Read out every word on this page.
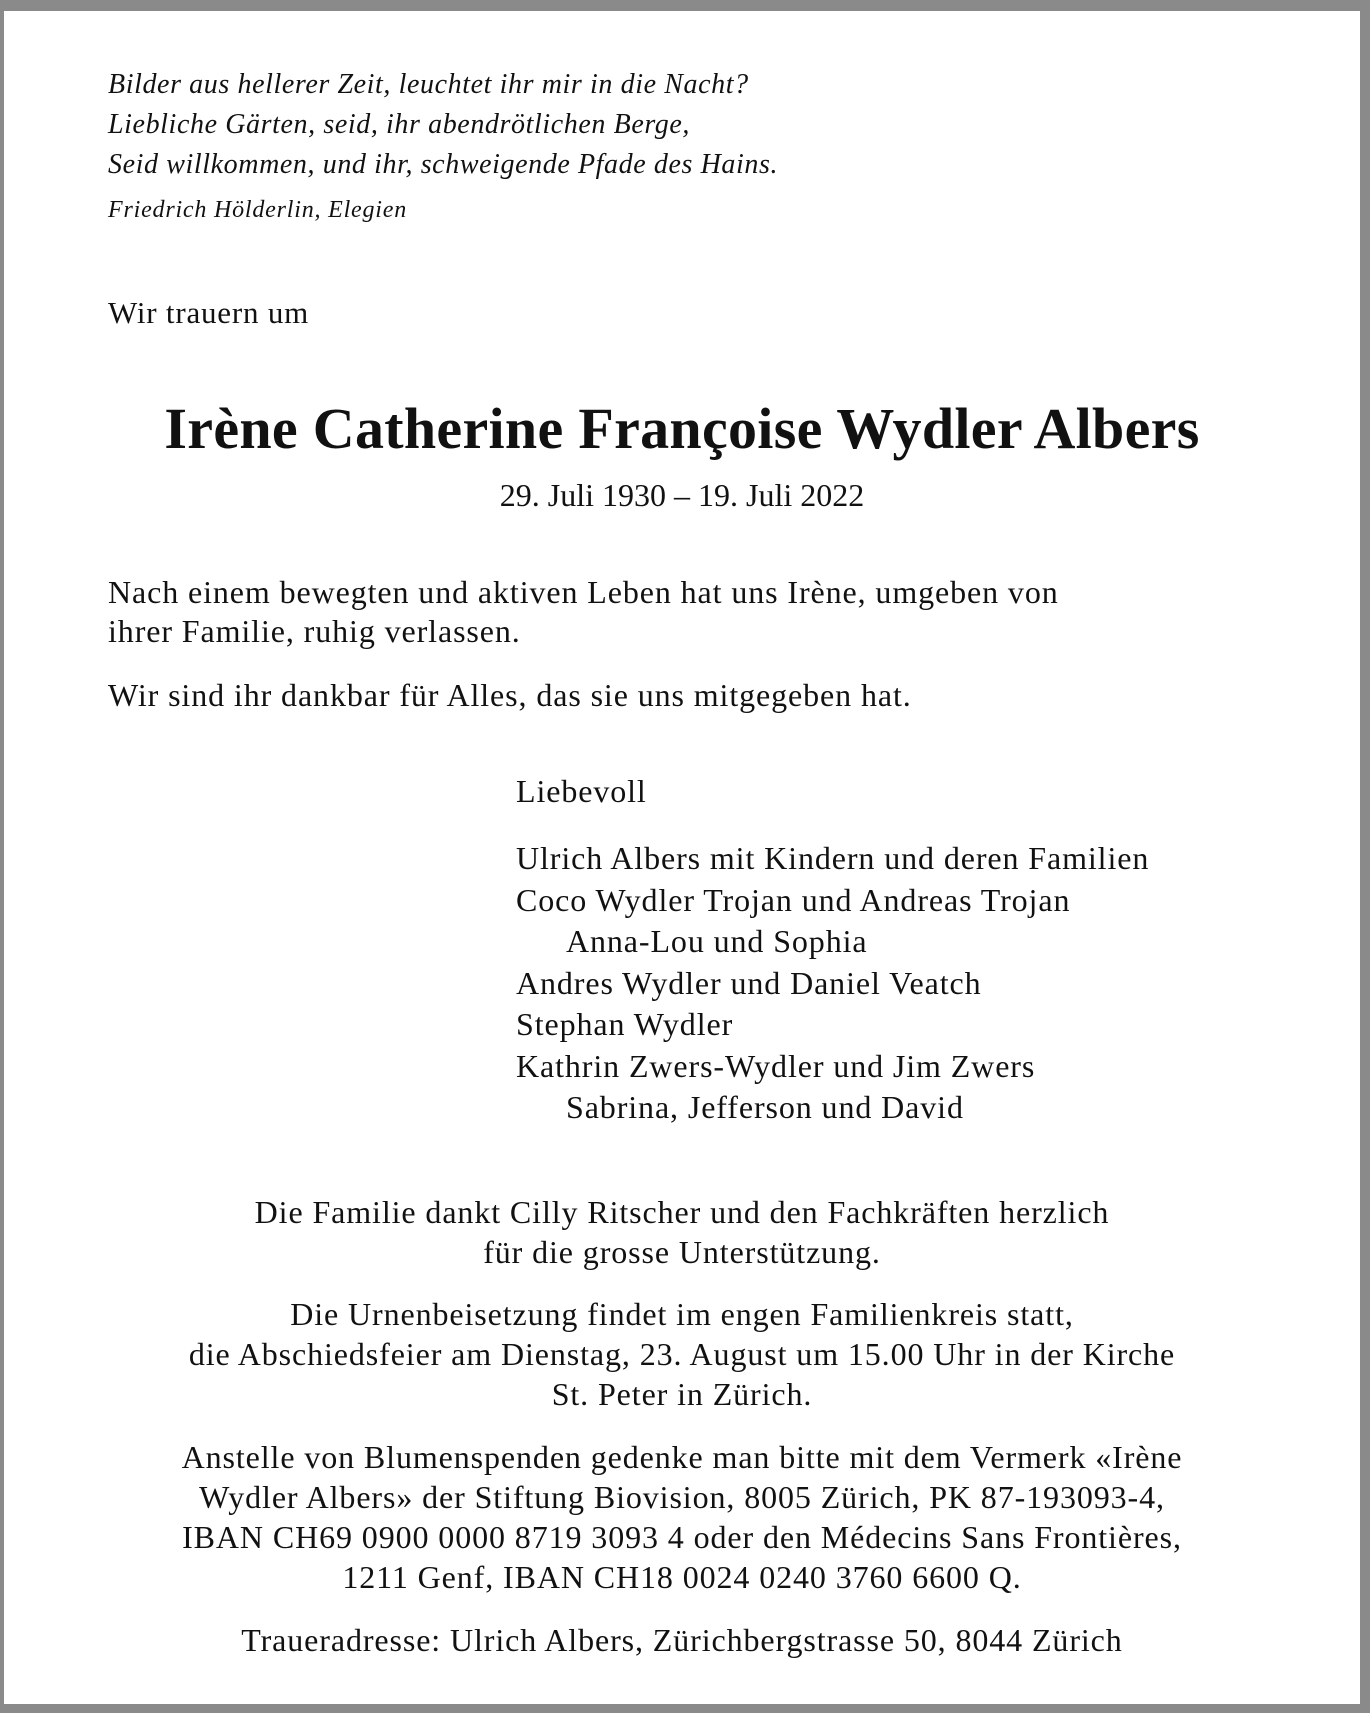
Bilder aus hellerer Zeit, leuchtet ihr mir in die Nacht?
Liebliche Gärten, seid, ihr abendrötlichen Berge,
Seid willkommen, und ihr, schweigende Pfade des Hains.
Friedrich Hölderlin, Elegien
Wir trauern um
Irène Catherine Françoise Wydler Albers
29. Juli 1930 – 19. Juli 2022
Nach einem bewegten und aktiven Leben hat uns Irène, umgeben von
ihrer Familie, ruhig verlassen.
Wir sind ihr dankbar für Alles, das sie uns mitgegeben hat.
Liebevoll
Ulrich Albers mit Kindern und deren Familien
Coco Wydler Trojan und Andreas Trojan
Anna-Lou und Sophia
Andres Wydler und Daniel Veatch
Stephan Wydler
Kathrin Zwers-Wydler und Jim Zwers
Sabrina, Jefferson und David
Die Familie dankt Cilly Ritscher und den Fachkräften herzlich
für die grosse Unterstützung.
Die Urnenbeisetzung findet im engen Familienkreis statt,
die Abschiedsfeier am Dienstag, 23. August um 15.00 Uhr in der Kirche
St. Peter in Zürich.
Anstelle von Blumenspenden gedenke man bitte mit dem Vermerk «Irène
Wydler Albers» der Stiftung Biovision, 8005 Zürich, PK 87-193093-4,
IBAN CH69 0900 0000 8719 3093 4 oder den Médecins Sans Frontières,
1211 Genf, IBAN CH18 0024 0240 3760 6600 Q.
Traueradresse: Ulrich Albers, Zürichbergstrasse 50, 8044 Zürich
